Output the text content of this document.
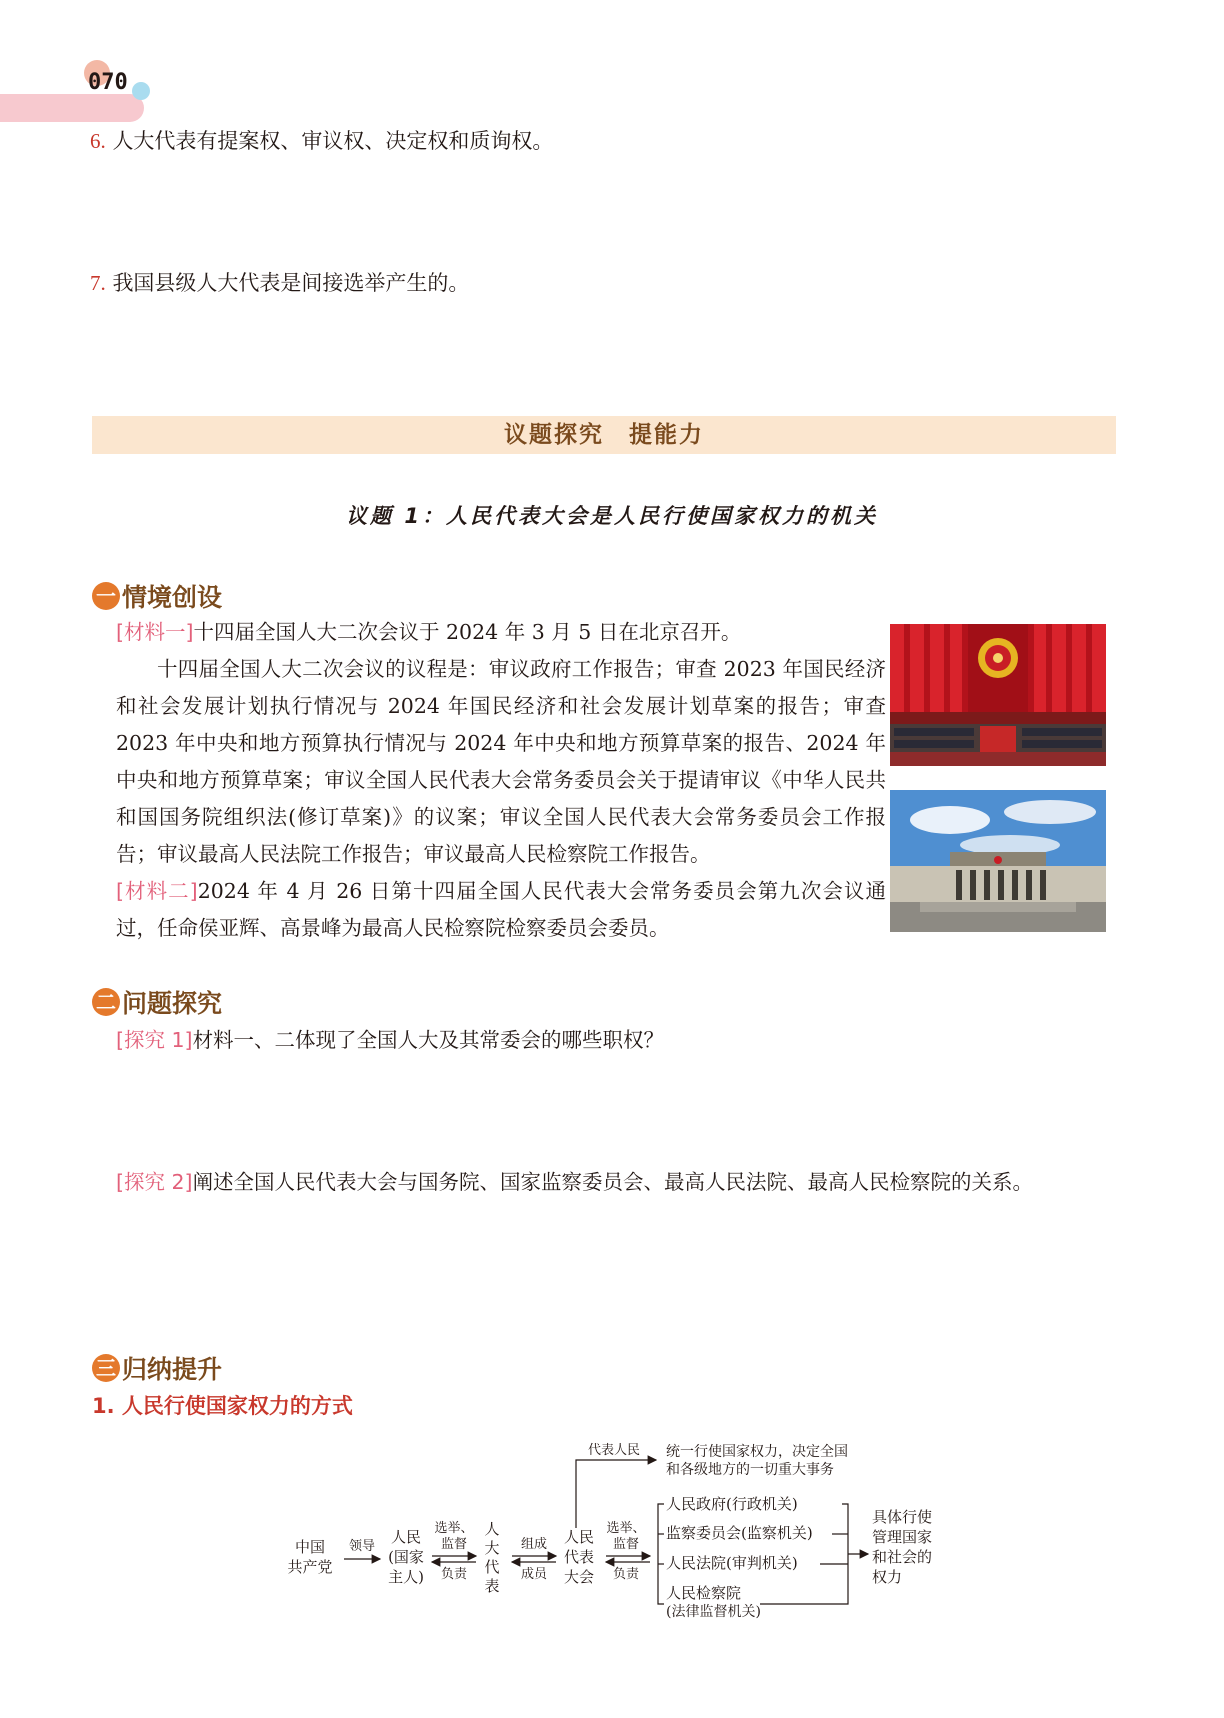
070
6. 人大代表有提案权、审议权、决定权和质询权。
7. 我国县级人大代表是间接选举产生的。
议题探究　提能力
议题 1：人民代表大会是人民行使国家权力的机关
一 情境创设
[材料一]十四届全国人大二次会议于 2024 年 3 月 5 日在北京召开。
十四届全国人大二次会议的议程是：审议政府工作报告；审查 2023 年国民经济和社会发展计划执行情况与 2024 年国民经济和社会发展计划草案的报告；审查 2023 年中央和地方预算执行情况与 2024 年中央和地方预算草案的报告、2024 年中央和地方预算草案；审议全国人民代表大会常务委员会关于提请审议《中华人民共和国国务院组织法(修订草案)》的议案；审议全国人民代表大会常务委员会工作报告；审议最高人民法院工作报告；审议最高人民检察院工作报告。
[材料二]2024 年 4 月 26 日第十四届全国人民代表大会常务委员会第九次会议通过，任命侯亚辉、高景峰为最高人民检察院检察委员会委员。
二 问题探究
[探究 1]材料一、二体现了全国人大及其常委会的哪些职权？
[探究 2]阐述全国人民代表大会与国务院、国家监察委员会、最高人民法院、最高人民检察院的关系。
三 归纳提升
1. 人民行使国家权力的方式
中国
共产党
领导
人民
(国家
主人)
选举、
监督
负责
人
大
代
表
组成
成员
人民
代表
大会
代表人民 统一行使国家权力，决定全国
和各级地方的一切重大事务
选举、
监督
负责
人民政府(行政机关)
监察委员会(监察机关)
人民法院(审判机关)
人民检察院
(法律监督机关)
具体行使
管理国家
和社会的
权力
